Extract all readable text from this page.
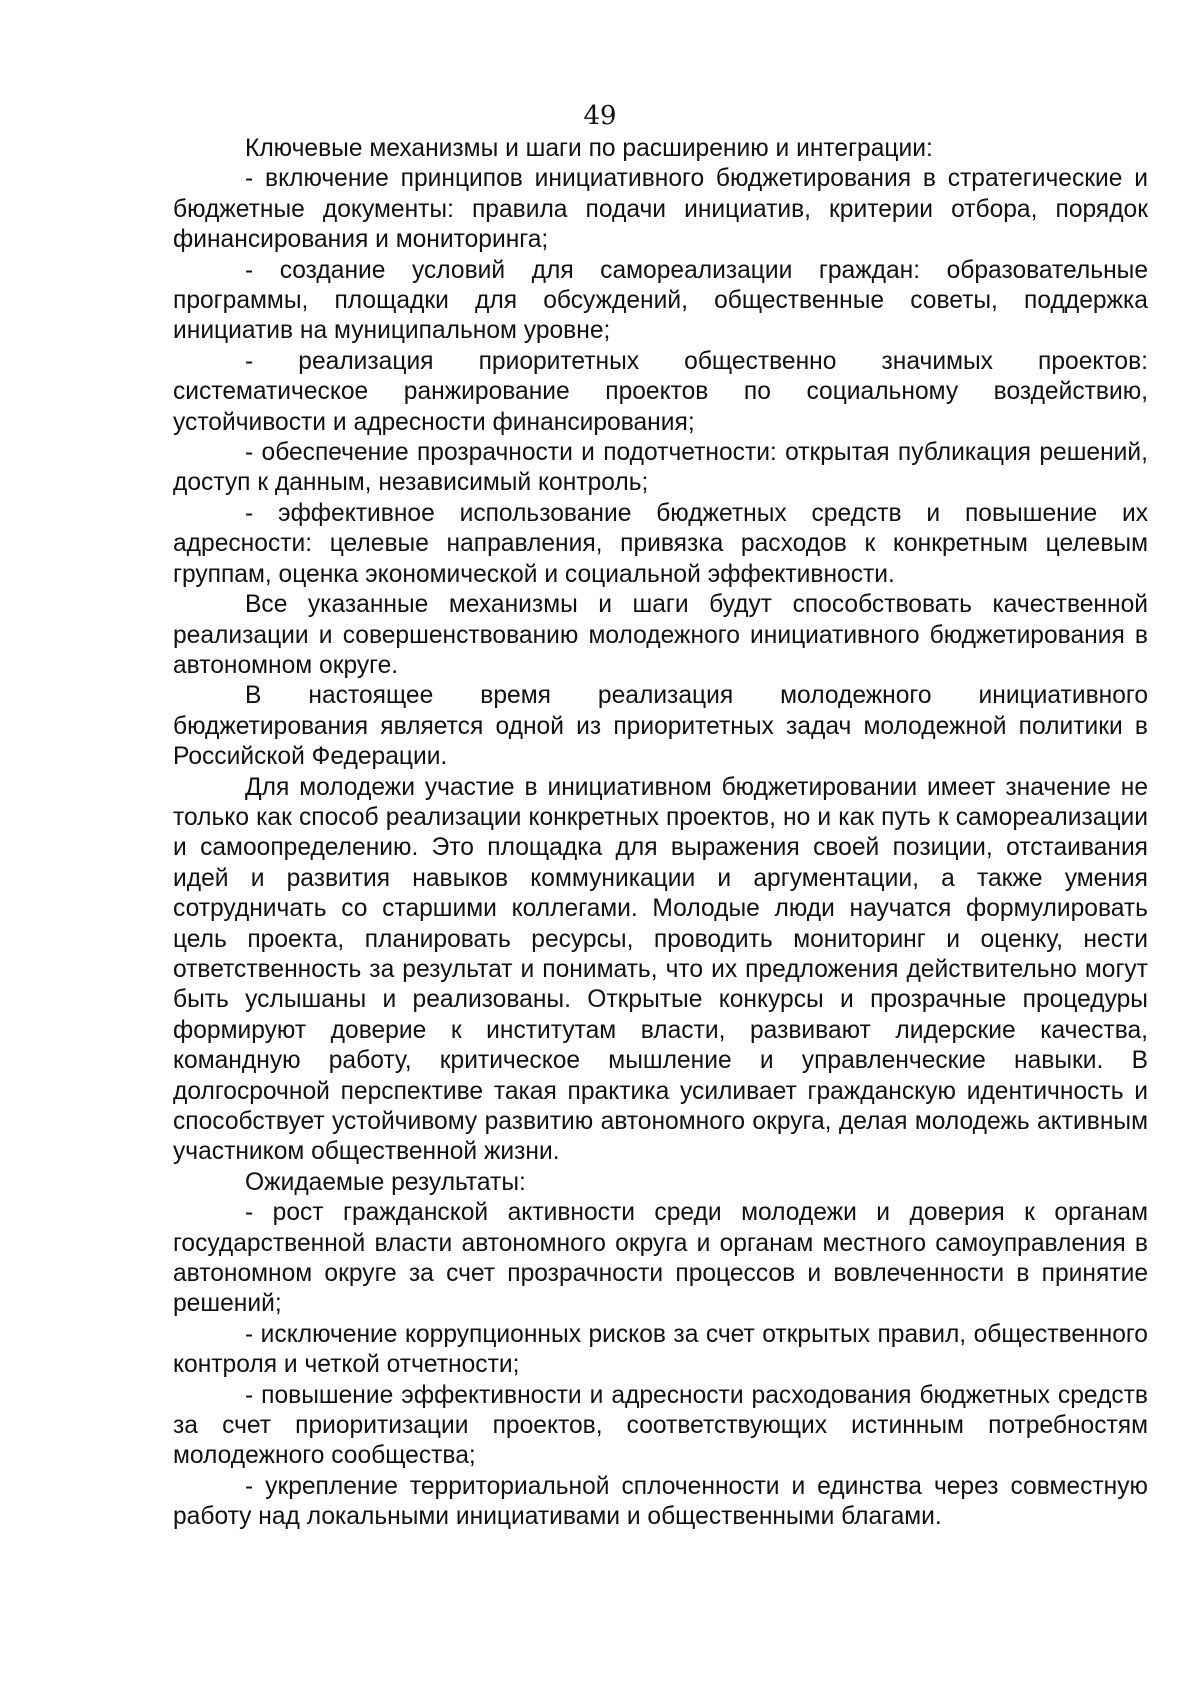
49

Ключевые механизмы и шаги по расширению и интеграции:

- включение принципов инициативного бюджетирования в стратегические и бюджетные документы: правила подачи инициатив, критерии отбора, порядок финансирования и мониторинга;

- создание условий для самореализации граждан: образовательные программы, площадки для обсуждений, общественные советы, поддержка инициатив на муниципальном уровне;

- реализация приоритетных общественно значимых проектов: систематическое ранжирование проектов по социальному воздействию, устойчивости и адресности финансирования;

- обеспечение прозрачности и подотчетности: открытая публикация решений, доступ к данным, независимый контроль;

- эффективное использование бюджетных средств и повышение их адресности: целевые направления, привязка расходов к конкретным целевым группам, оценка экономической и социальной эффективности.

Все указанные механизмы и шаги будут способствовать качественной реализации и совершенствованию молодежного инициативного бюджетирования в автономном округе.

В настоящее время реализация молодежного инициативного бюджетирования является одной из приоритетных задач молодежной политики в Российской Федерации.

Для молодежи участие в инициативном бюджетировании имеет значение не только как способ реализации конкретных проектов, но и как путь к самореализации и самоопределению. Это площадка для выражения своей позиции, отстаивания идей и развития навыков коммуникации и аргументации, а также умения сотрудничать со старшими коллегами. Молодые люди научатся формулировать цель проекта, планировать ресурсы, проводить мониторинг и оценку, нести ответственность за результат и понимать, что их предложения действительно могут быть услышаны и реализованы. Открытые конкурсы и прозрачные процедуры формируют доверие к институтам власти, развивают лидерские качества, командную работу, критическое мышление и управленческие навыки. В долгосрочной перспективе такая практика усиливает гражданскую идентичность и способствует устойчивому развитию автономного округа, делая молодежь активным участником общественной жизни.

Ожидаемые результаты:

- рост гражданской активности среди молодежи и доверия к органам государственной власти автономного округа и органам местного самоуправления в автономном округе за счет прозрачности процессов и вовлеченности в принятие решений;

- исключение коррупционных рисков за счет открытых правил, общественного контроля и четкой отчетности;

- повышение эффективности и адресности расходования бюджетных средств за счет приоритизации проектов, соответствующих истинным потребностям молодежного сообщества;

- укрепление территориальной сплоченности и единства через совместную работу над локальными инициативами и общественными благами.
